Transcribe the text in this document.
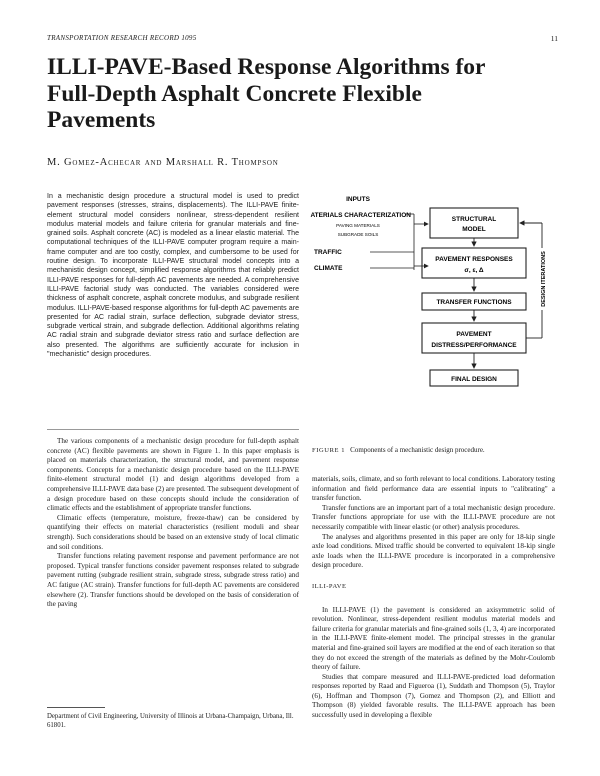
TRANSPORTATION RESEARCH RECORD 1095	11
ILLI-PAVE-Based Response Algorithms for
Full-Depth Asphalt Concrete Flexible
Pavements
M. Gomez-Achecar and Marshall R. Thompson
In a mechanistic design procedure a structural model is used to predict pavement responses (stresses, strains, displacements). The ILLI-PAVE finite-element structural model considers nonlinear, stress-dependent resilient modulus material models and failure criteria for granular materials and fine-grained soils. Asphalt concrete (AC) is modeled as a linear elastic material. The computational techniques of the ILLI-PAVE computer program require a main-frame computer and are too costly, complex, and cumbersome to be used for routine design. To incorporate ILLI-PAVE structural model concepts into a mechanistic design concept, simplified response algorithms that reliably predict ILLI-PAVE responses for full-depth AC pavements are needed. A comprehensive ILLI-PAVE factorial study was conducted. The variables considered were thickness of asphalt concrete, asphalt concrete modulus, and subgrade resilient modulus. ILLI-PAVE-based response algorithms for full-depth AC pavements are presented for AC radial strain, surface deflection, subgrade deviator stress, subgrade vertical strain, and subgrade deflection. Additional algorithms relating AC radial strain and subgrade deviator stress ratio and surface deflection are also presented. The algorithms are sufficiently accurate for inclusion in "mechanistic" design procedures.

The various components of a mechanistic design procedure for full-depth asphalt concrete (AC) flexible pavements are shown in Figure 1. In this paper emphasis is placed on materials characterization, the structural model, and pavement response components. Concepts for a mechanistic design procedure based on the ILLI-PAVE finite-element structural model (1) and design algorithms developed from a comprehensive ILLI-PAVE data base (2) are presented. The subsequent development of a design procedure based on these concepts should include the consideration of climatic effects and the establishment of appropriate transfer functions.

Climatic effects (temperature, moisture, freeze-thaw) can be considered by quantifying their effects on material characteristics (resilient moduli and shear strength). Such considerations should be based on an extensive study of local climatic and soil conditions.

Transfer functions relating pavement response and pavement performance are not proposed. Typical transfer functions consider pavement responses related to subgrade pavement rutting (subgrade resilient strain, subgrade stress, subgrade stress ratio) and AC fatigue (AC strain). Transfer functions for full-depth AC pavements are considered elsewhere (2). Transfer functions should be developed on the basis of consideration of the paving

Department of Civil Engineering, University of Illinois at Urbana-Champaign, Urbana, Ill. 61801.
INPUTS
MATERIALS CHARACTERIZATION
PAVING MATERIALS
SUBGRADE SOILS
TRAFFIC
CLIMATE
STRUCTURAL
MODEL
PAVEMENT RESPONSES
σ, ε, Δ
TRANSFER FUNCTIONS
PAVEMENT
DISTRESS/PERFORMANCE
FINAL DESIGN
DESIGN ITERATIONS
FIGURE 1 Components of a mechanistic design procedure.

materials, soils, climate, and so forth relevant to local conditions. Laboratory testing information and field performance data are essential inputs to "calibrating" a transfer function.

Transfer functions are an important part of a total mechanistic design procedure. Transfer functions appropriate for use with the ILLI-PAVE procedure are not necessarily compatible with linear elastic (or other) analysis procedures.

The analyses and algorithms presented in this paper are only for 18-kip single axle load conditions. Mixed traffic should be converted to equivalent 18-kip single axle loads when the ILLI-PAVE procedure is incorporated in a comprehensive design procedure.

ILLI-PAVE

In ILLI-PAVE (1) the pavement is considered an axisymmetric solid of revolution. Nonlinear, stress-dependent resilient modulus material models and failure criteria for granular materials and fine-grained soils (1, 3, 4) are incorporated in the ILLI-PAVE finite-element model. The principal stresses in the granular material and fine-grained soil layers are modified at the end of each iteration so that they do not exceed the strength of the materials as defined by the Mohr-Coulomb theory of failure.

Studies that compare measured and ILLI-PAVE-predicted load deformation responses reported by Raad and Figueroa (1), Suddath and Thompson (5), Traylor (6), Hoffman and Thompson (7), Gomez and Thompson (2), and Elliott and Thompson (8) yielded favorable results. The ILLI-PAVE approach has been successfully used in developing a flexible
